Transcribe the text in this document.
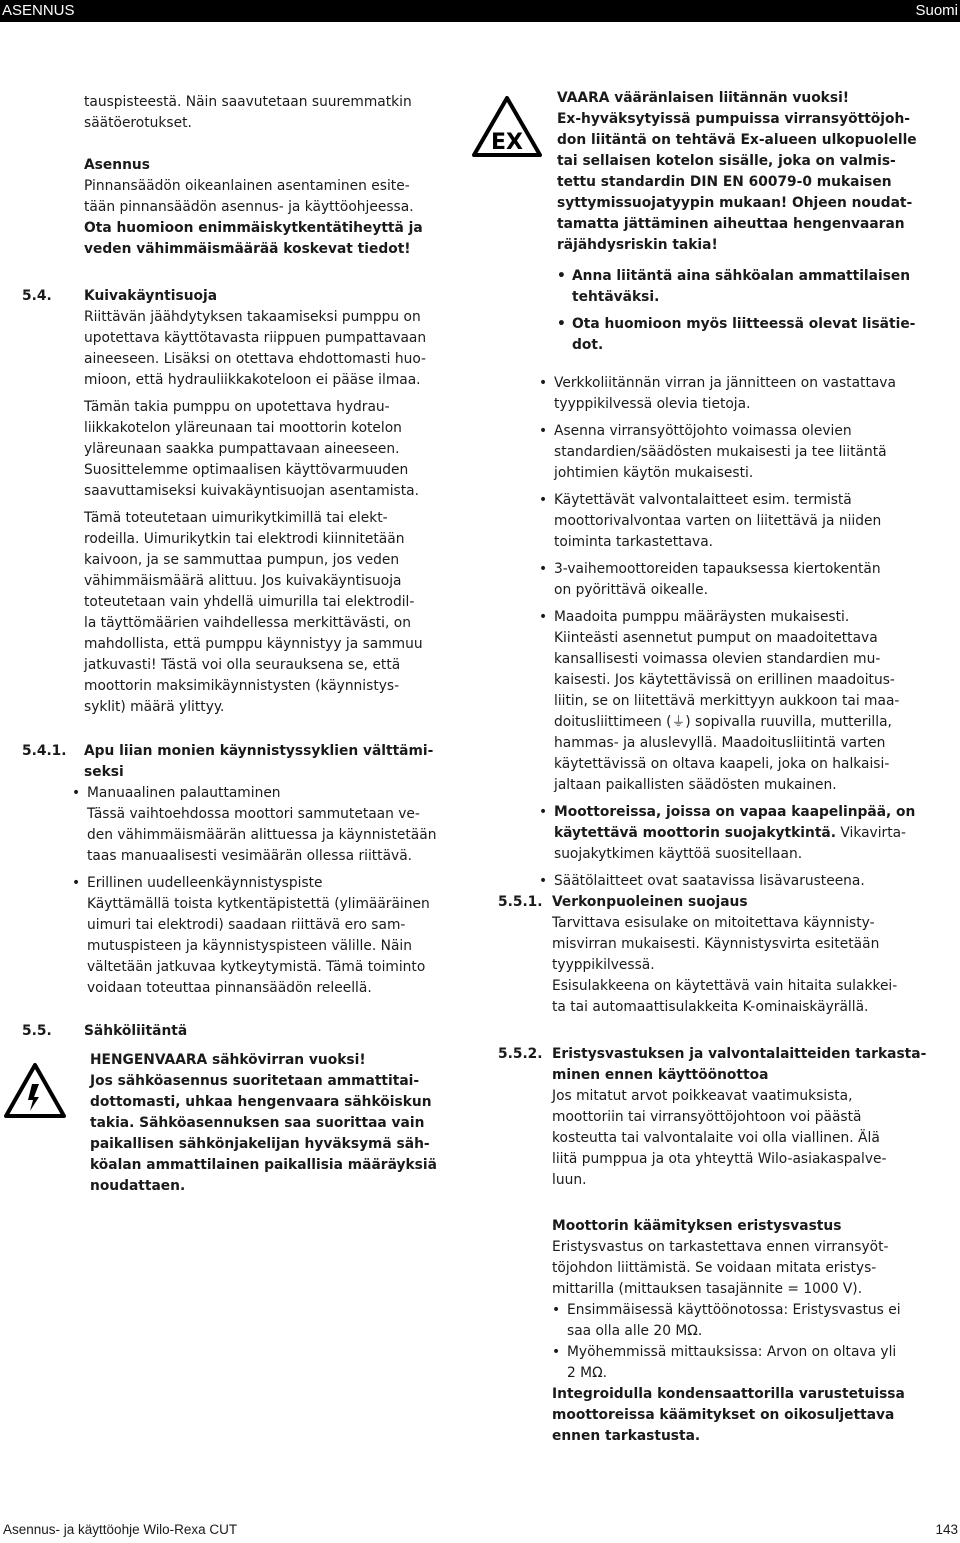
ASENNUS	Suomi

tauspisteestä. Näin saavutetaan suuremmatkin
säätöerotukset.

Asennus

Pinnansäädön oikeanlainen asentaminen esite-
tään pinnansäädön asennus- ja käyttöohjeessa.

Ota huomioon enimmäiskytkentätiheyttä ja
veden vähimmäismäärää koskevat tiedot!

5.4. Kuivakäyntisuoja

Riittävän jäähdytyksen takaamiseksi pumppu on
upotettava käyttötavasta riippuen pumpattavaan
aineeseen. Lisäksi on otettava ehdottomasti huo-
mioon, että hydrauliikkakoteloon ei pääse ilmaa.

Tämän takia pumppu on upotettava hydrau-
liikkakotelon yläreunaan tai moottorin kotelon
yläreunaan saakka pumpattavaan aineeseen.

Suosittelemme optimaalisen käyttövarmuuden
saavuttamiseksi kuivakäyntisuojan asentamista.

Tämä toteutetaan uimurikytkimillä tai elekt-
rodeilla. Uimurikytkin tai elektrodi kiinnitetään
kaivoon, ja se sammuttaa pumpun, jos veden
vähimmäismäärä alittuu. Jos kuivakäyntisuoja
toteutetaan vain yhdellä uimurilla tai elektrodil-
la täyttömäärien vaihdellessa merkittävästi, on
mahdollista, että pumppu käynnistyy ja sammuu
jatkuvasti! Tästä voi olla seurauksena se, että
moottorin maksimikäynnistysten (käynnistys-
syklit) määrä ylittyy.

5.4.1. Apu liian monien käynnistyssyklien välttämi-
seksi

• Manuaalinen palauttaminen
Tässä vaihtoehdossa moottori sammutetaan ve-
den vähimmäismäärän alittuessa ja käynnistetään
taas manuaalisesti vesimäärän ollessa riittävä.
• Erillinen uudelleenkäynnistyspiste
Käyttämällä toista kytkentäpistettä (ylimääräinen
uimuri tai elektrodi) saadaan riittävä ero sam-
mutuspisteen ja käynnistyspisteen välille. Näin
vältetään jatkuvaa kytkeytymistä. Tämä toiminto
voidaan toteuttaa pinnansäädön releellä.
5.5. Sähköliitäntä
HENGENVAARA sähkövirran vuoksi!
Jos sähköasennus suoritetaan ammattitai-
dottomasti, uhkaa hengenvaara sähköiskun
takia. Sähköasennuksen saa suorittaa vain
paikallisen sähkönjakelijan hyväksymä säh-
köalan ammattilainen paikallisia määräyksiä
noudattaen.
EX

VAARA vääränlaisen liitännän vuoksi!
Ex-hyväksytyissä pumpuissa virransyöttöjoh-
don liitäntä on tehtävä Ex-alueen ulkopuolelle
tai sellaisen kotelon sisälle, joka on valmis-
tettu standardin DIN EN 60079-0 mukaisen
syttymissuojatyypin mukaan! Ohjeen noudat-
tamatta jättäminen aiheuttaa hengenvaaran
räjähdysriskin takia!

• Anna liitäntä aina sähköalan ammattilaisen
tehtäväksi.
• Ota huomioon myös liitteessä olevat lisätie-
dot.
• Verkkoliitännän virran ja jännitteen on vastattava
tyyppikilvessä olevia tietoja.
• Asenna virransyöttöjohto voimassa olevien
standardien/säädösten mukaisesti ja tee liitäntä
johtimien käytön mukaisesti.
• Käytettävät valvontalaitteet esim. termistä
moottorivalvontaa varten on liitettävä ja niiden
toiminta tarkastettava.
• 3-vaihemoottoreiden tapauksessa kiertokentän
on pyörittävä oikealle.
• Maadoita pumppu määräysten mukaisesti.
Kiinteästi asennetut pumput on maadoitettava
kansallisesti voimassa olevien standardien mu-
kaisesti. Jos käytettävissä on erillinen maadoitus-
liitin, se on liitettävä merkittyyn aukkoon tai maa-
doitusliittimeen (⏚) sopivalla ruuvilla, mutterilla,
hammas- ja aluslevyllä. Maadoitusliitintä varten
käytettävissä on oltava kaapeli, joka on halkaisi-
jaltaan paikallisten säädösten mukainen.
• Moottoreissa, joissa on vapaa kaapelinpää, on
käytettävä moottorin suojakytkintä. Vikavirta-
suojakytkimen käyttöä suositellaan.
• Säätölaitteet ovat saatavissa lisävarusteena.
5.5.1. Verkonpuoleinen suojaus

Tarvittava esisulake on mitoitettava käynnisty-
misvirran mukaisesti. Käynnistysvirta esitetään
tyyppikilvessä.

Esisulakkeena on käytettävä vain hitaita sulakkei-
ta tai automaattisulakkeita K-ominaiskäyrällä.

5.5.2. Eristysvastuksen ja valvontalaitteiden tarkasta-
minen ennen käyttöönottoa

Jos mitatut arvot poikkeavat vaatimuksista,
moottoriin tai virransyöttöjohtoon voi päästä
kosteutta tai valvontalaite voi olla viallinen. Älä
liitä pumppua ja ota yhteyttä Wilo-asiakaspalve-
luun.

Moottorin käämityksen eristysvastus

Eristysvastus on tarkastettava ennen virransyöt-
töjohdon liittämistä. Se voidaan mitata eristys-
mittarilla (mittauksen tasajännite = 1000 V).

• Ensimmäisessä käyttöönotossa: Eristysvastus ei
saa olla alle 20 MΩ.
• Myöhemmissä mittauksissa: Arvon on oltava yli
2 MΩ.

Integroidulla kondensaattorilla varustetuissa
moottoreissa käämitykset on oikosuljettava
ennen tarkastusta.

Asennus- ja käyttöohje Wilo-Rexa CUT	143
